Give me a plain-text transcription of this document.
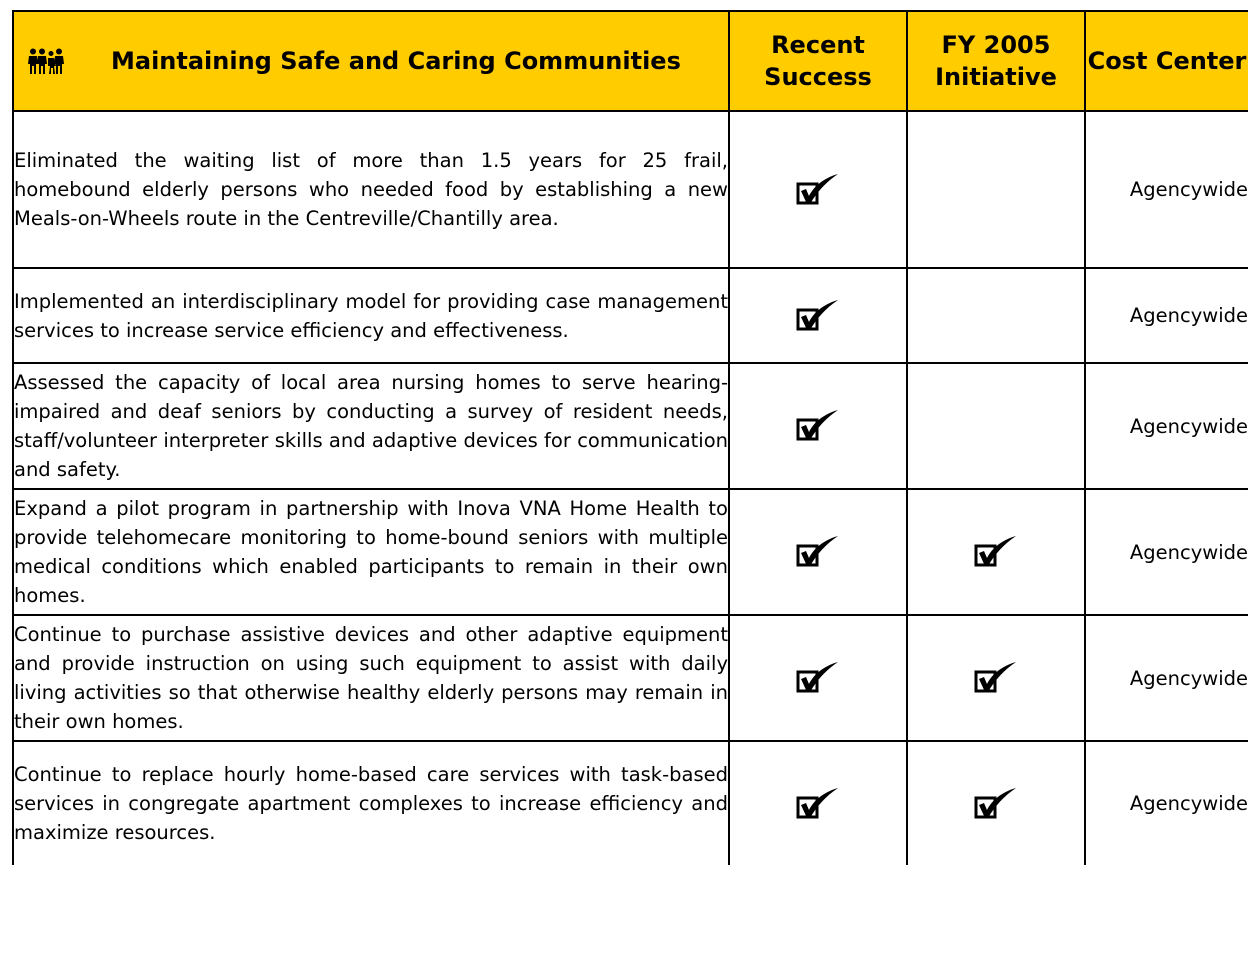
Maintaining Safe and Caring Communities	Recent Success	FY 2005 Initiative	Cost Center
Eliminated the waiting list of more than 1.5 years for 25 frail, homebound elderly persons who needed food by establishing a new Meals-on-Wheels route in the Centreville/Chantilly area.			Agencywide
Implemented an interdisciplinary model for providing case management services to increase service efficiency and effectiveness.			Agencywide
Assessed the capacity of local area nursing homes to serve hearing-impaired and deaf seniors by conducting a survey of resident needs, staff/volunteer interpreter skills and adaptive devices for communication and safety.			Agencywide
Expand a pilot program in partnership with Inova VNA Home Health to provide telehomecare monitoring to home-bound seniors with multiple medical conditions which enabled participants to remain in their own homes.			Agencywide
Continue to purchase assistive devices and other adaptive equipment and provide instruction on using such equipment to assist with daily living activities so that otherwise healthy elderly persons may remain in their own homes.			Agencywide
Continue to replace hourly home-based care services with task-based services in congregate apartment complexes to increase efficiency and maximize resources.			Agencywide
